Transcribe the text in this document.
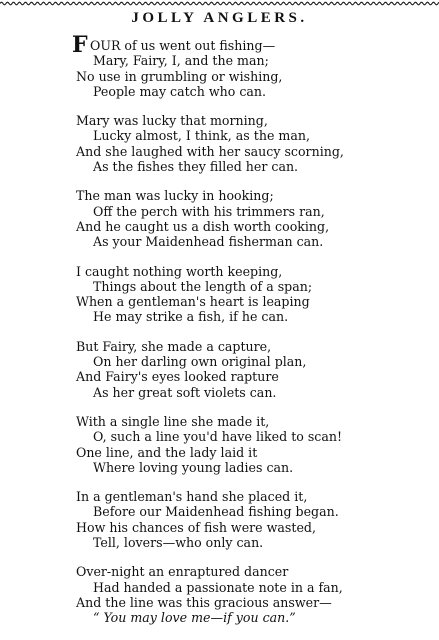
JOLLY ANGLERS.
FOUR of us went out fishing—
Mary, Fairy, I, and the man;
No use in grumbling or wishing,
People may catch who can.
Mary was lucky that morning,
Lucky almost, I think, as the man,
And she laughed with her saucy scorning,
As the fishes they filled her can.
The man was lucky in hooking;
Off the perch with his trimmers ran,
And he caught us a dish worth cooking,
As your Maidenhead fisherman can.
I caught nothing worth keeping,
Things about the length of a span;
When a gentleman's heart is leaping
He may strike a fish, if he can.
But Fairy, she made a capture,
On her darling own original plan,
And Fairy's eyes looked rapture
As her great soft violets can.
With a single line she made it,
O, such a line you'd have liked to scan!
One line, and the lady laid it
Where loving young ladies can.
In a gentleman's hand she placed it,
Before our Maidenhead fishing began.
How his chances of fish were wasted,
Tell, lovers—who only can.
Over-night an enraptured dancer
Had handed a passionate note in a fan,
And the line was this gracious answer—
“ You may love me—if you can.”
